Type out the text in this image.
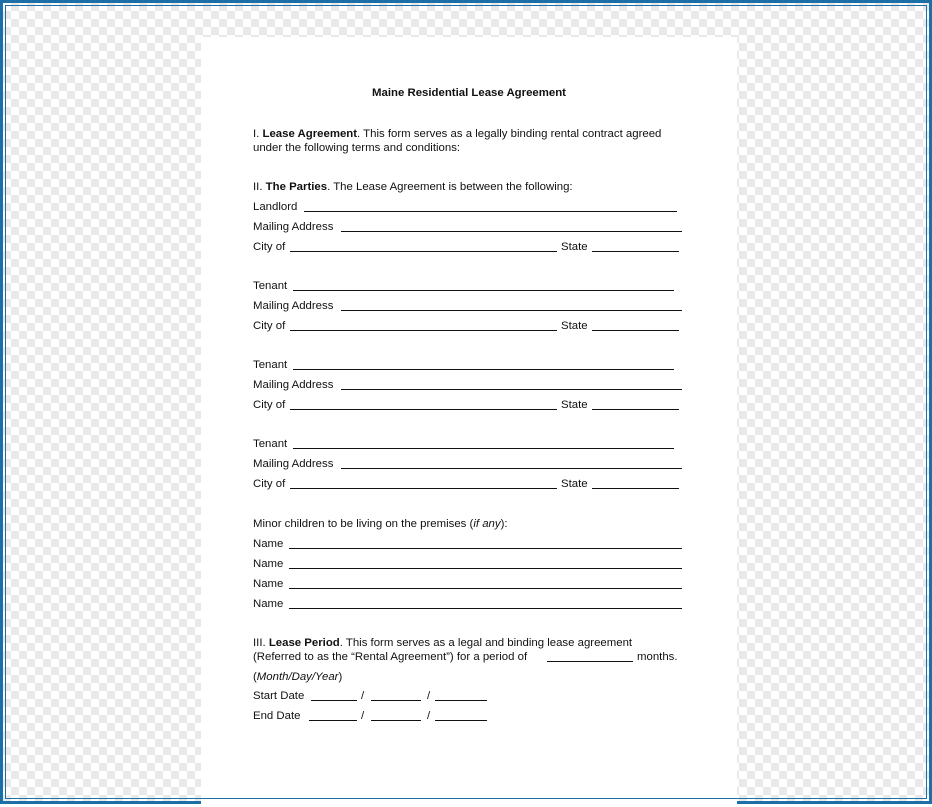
Maine Residential Lease Agreement
I. Lease Agreement. This form serves as a legally binding rental contract agreed
under the following terms and conditions:
II. The Parties. The Lease Agreement is between the following:
Landlord
Mailing Address
City of	State
Tenant
Mailing Address
City of	State
Tenant
Mailing Address
City of	State
Tenant
Mailing Address
City of	State
Minor children to be living on the premises (if any):
Name
Name
Name
Name
III. Lease Period. This form serves as a legal and binding lease agreement
(Referred to as the “Rental Agreement”) for a period of	months.
(Month/Day/Year)
Start Date	/	/
End Date	/	/
